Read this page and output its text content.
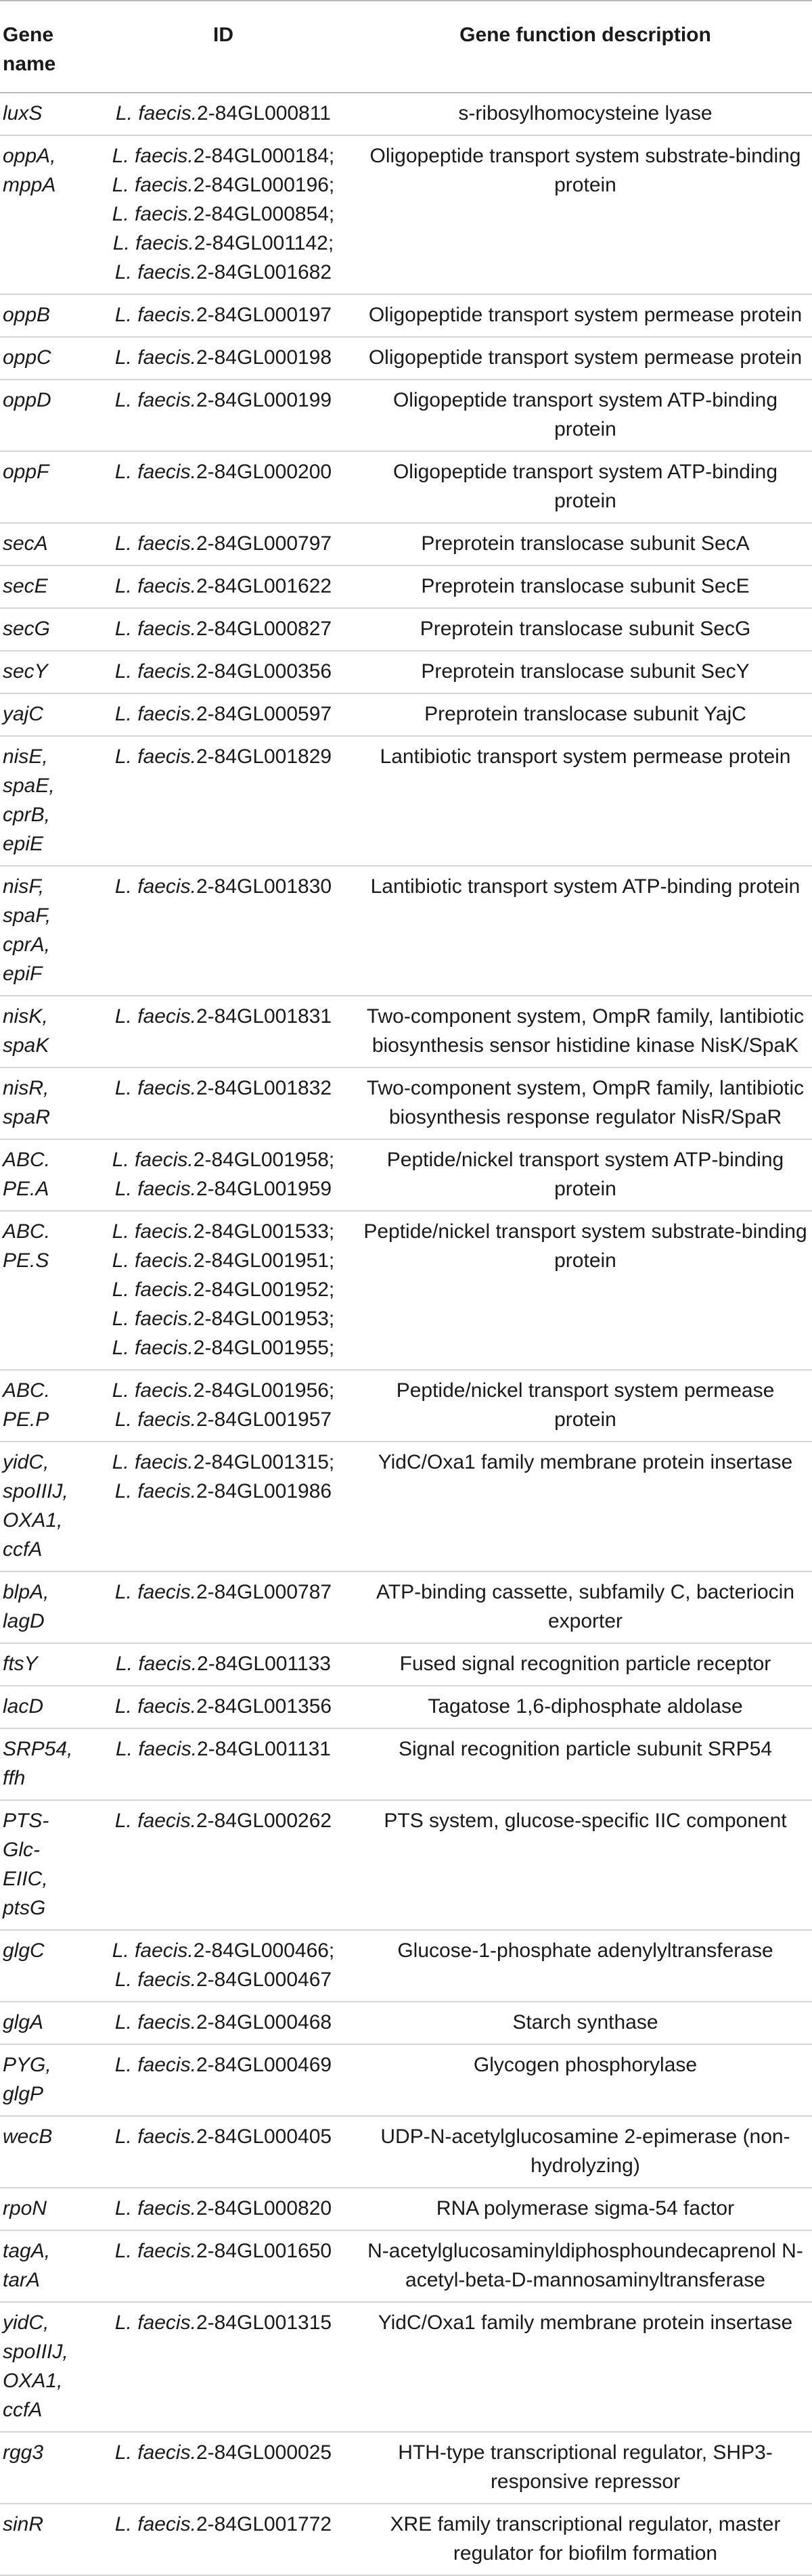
Gene name	ID	Gene function description
luxS	L. faecis.2-84GL000811	s-ribosylhomocysteine lyase

oppA, mppA	L. faecis.2-84GL000184;
L. faecis.2-84GL000196;
L. faecis.2-84GL000854;
L. faecis.2-84GL001142;
L. faecis.2-84GL001682	Oligopeptide transport system substrate-binding protein

oppB	L. faecis.2-84GL000197	Oligopeptide transport system permease protein

oppC	L. faecis.2-84GL000198	Oligopeptide transport system permease protein

oppD	L. faecis.2-84GL000199	Oligopeptide transport system ATP-binding protein

oppF	L. faecis.2-84GL000200	Oligopeptide transport system ATP-binding protein

secA	L. faecis.2-84GL000797	Preprotein translocase subunit SecA

secE	L. faecis.2-84GL001622	Preprotein translocase subunit SecE

secG	L. faecis.2-84GL000827	Preprotein translocase subunit SecG

secY	L. faecis.2-84GL000356	Preprotein translocase subunit SecY

yajC	L. faecis.2-84GL000597	Preprotein translocase subunit YajC

nisE, spaE, cprB, epiE	L. faecis.2-84GL001829	Lantibiotic transport system permease protein

nisF, spaF, cprA, epiF	L. faecis.2-84GL001830	Lantibiotic transport system ATP-binding protein

nisK, spaK	L. faecis.2-84GL001831	Two-component system, OmpR family, lantibiotic biosynthesis sensor histidine kinase NisK/SpaK

nisR, spaR	L. faecis.2-84GL001832	Two-component system, OmpR family, lantibiotic biosynthesis response regulator NisR/SpaR

ABC. PE.A	L. faecis.2-84GL001958;
L. faecis.2-84GL001959	Peptide/nickel transport system ATP-binding protein

ABC. PE.S	L. faecis.2-84GL001533;
L. faecis.2-84GL001951;
L. faecis.2-84GL001952;
L. faecis.2-84GL001953;
L. faecis.2-84GL001955;	Peptide/nickel transport system substrate-binding protein

ABC. PE.P	L. faecis.2-84GL001956;
L. faecis.2-84GL001957	Peptide/nickel transport system permease protein

yidC, spoIIIJ, OXA1, ccfA	L. faecis.2-84GL001315;
L. faecis.2-84GL001986	YidC/Oxa1 family membrane protein insertase

blpA, lagD	L. faecis.2-84GL000787	ATP-binding cassette, subfamily C, bacteriocin exporter

ftsY	L. faecis.2-84GL001133	Fused signal recognition particle receptor

lacD	L. faecis.2-84GL001356	Tagatose 1,6-diphosphate aldolase

SRP54, ffh	L. faecis.2-84GL001131	Signal recognition particle subunit SRP54

PTS-Glc-EIIC, ptsG	L. faecis.2-84GL000262	PTS system, glucose-specific IIC component

glgC	L. faecis.2-84GL000466;
L. faecis.2-84GL000467	Glucose-1-phosphate adenylyltransferase

glgA	L. faecis.2-84GL000468	Starch synthase

PYG, glgP	L. faecis.2-84GL000469	Glycogen phosphorylase

wecB	L. faecis.2-84GL000405	UDP-N-acetylglucosamine 2-epimerase (non-hydrolyzing)

rpoN	L. faecis.2-84GL000820	RNA polymerase sigma-54 factor

tagA, tarA	L. faecis.2-84GL001650	N-acetylglucosaminyldiphosphoundecaprenol N-acetyl-beta-D-mannosaminyltransferase

yidC, spoIIIJ, OXA1, ccfA	L. faecis.2-84GL001315	YidC/Oxa1 family membrane protein insertase

rgg3	L. faecis.2-84GL000025	HTH-type transcriptional regulator, SHP3-responsive repressor

sinR	L. faecis.2-84GL001772	XRE family transcriptional regulator, master regulator for biofilm formation
